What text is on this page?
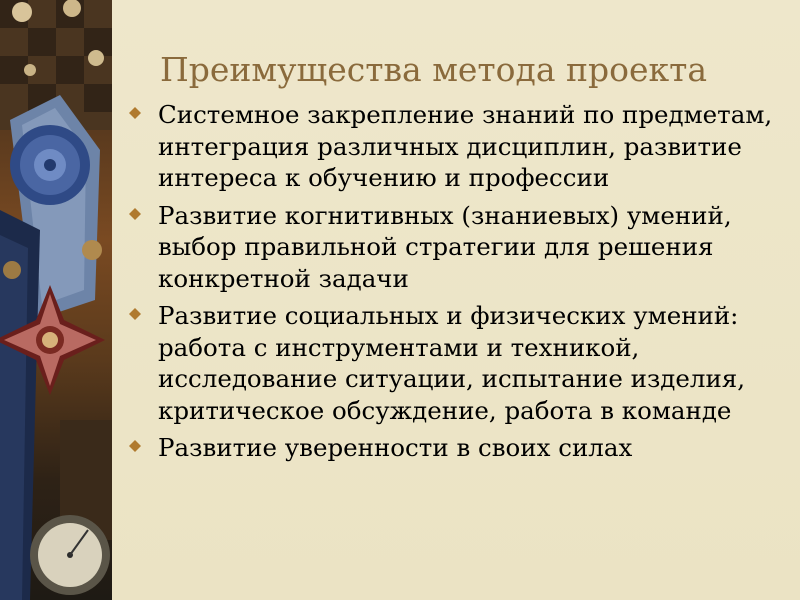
Преимущества метода проекта
Системное закрепление знаний по предметам, интеграция различных дисциплин, развитие интереса к обучению и профессии
Развитие когнитивных (знаниевых) умений, выбор правильной стратегии для решения конкретной задачи
Развитие социальных и физических умений: работа с инструментами и техникой, исследование ситуации, испытание изделия, критическое обсуждение, работа в команде
Развитие уверенности в своих силах
